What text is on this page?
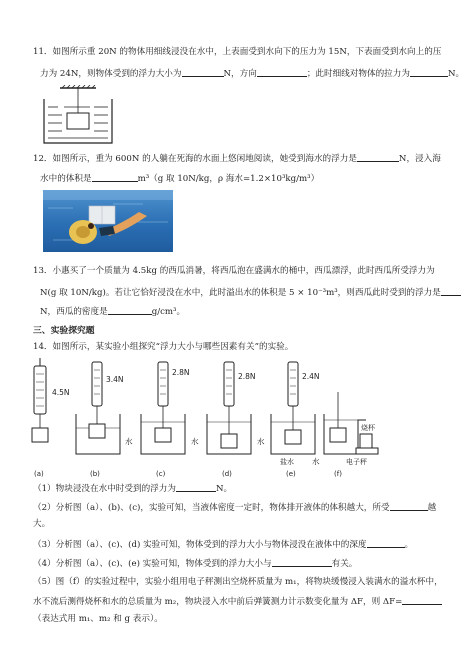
11．如图所示重 20N 的物体用细线浸没在水中，上表面受到水向下的压力为 15N，下表面受到水向上的压
力为 24N，则物体受到的浮力大小为	N，方向	；此时细线对物体的拉力为	N。
12．如图所示，重为 600N 的人躺在死海的水面上悠闲地阅读，她受到海水的浮力是	N，浸入海
水中的体积是	m³（g 取 10N/kg，ρ 海水=1.2×10³kg/m³）
13．小惠买了一个质量为 4.5kg 的西瓜消暑，将西瓜泡在盛满水的桶中，西瓜漂浮，此时西瓜所受浮力为
N(g 取 10N/kg)。若让它恰好浸没在水中，此时溢出水的体积是 5 × 10⁻³m³，则西瓜此时受到的浮力是
N，西瓜的密度是	g/cm³。
三、实验探究题
14．如图所示，某实验小组探究“浮力大小与哪些因素有关”的实验。
4.5N
3.4N
2.8N
水
2.8N
水
2.4N
水
盐水 水
烧杯
电子秤
(a)	(b)	(c)	(d)	(e)	(f)
（1）物块浸没在水中时受到的浮力为	N。
（2）分析图（a）、(b)、(c)，实验可知，当液体密度一定时，物体排开液体的体积越大，所受	越
大。
（3）分析图（a）、(c)、(d) 实验可知，物体受到的浮力大小与物体浸没在液体中的深度	。
（4）分析图（a）、(c)、(e) 实验可知，物体受到的浮力大小与	有关。
（5）图（f）的实验过程中，实验小组用电子秤测出空烧杯质量为 m₁，将物块缓慢浸入装满水的溢水杯中，
水不流后测得烧杯和水的总质量为 m₂，物块浸入水中前后弹簧测力计示数变化量为 ΔF，则 ΔF=
（表达式用 m₁、m₂ 和 g 表示）。
